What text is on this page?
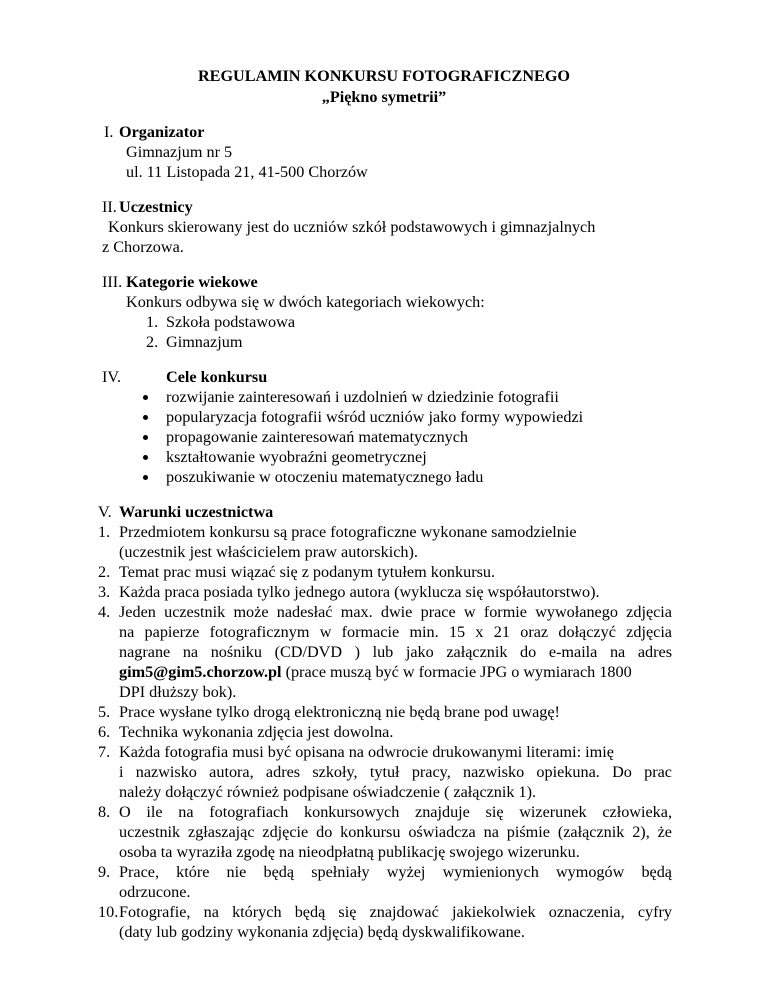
REGULAMIN KONKURSU FOTOGRAFICZNEGO
„Piękno symetrii”
I. Organizator
Gimnazjum nr 5
ul. 11 Listopada 21, 41-500 Chorzów
II. Uczestnicy
Konkurs skierowany jest do uczniów szkół podstawowych i gimnazjalnych
z Chorzowa.
III. Kategorie wiekowe
Konkurs odbywa się w dwóch kategoriach wiekowych:
1. Szkoła podstawowa
2. Gimnazjum
IV.	Cele konkursu
rozwijanie zainteresowań i uzdolnień w dziedzinie fotografii
popularyzacja fotografii wśród uczniów jako formy wypowiedzi
propagowanie zainteresowań matematycznych
kształtowanie wyobraźni geometrycznej
poszukiwanie w otoczeniu matematycznego ładu
V. Warunki uczestnictwa
1. Przedmiotem konkursu są prace fotograficzne wykonane samodzielnie
(uczestnik jest właścicielem praw autorskich).
2. Temat prac musi wiązać się z podanym tytułem konkursu.
3. Każda praca posiada tylko jednego autora (wyklucza się współautorstwo).
4. Jeden uczestnik może nadesłać max. dwie prace w formie wywołanego zdjęcia
na papierze fotograficznym w formacie min. 15 x 21 oraz dołączyć zdjęcia
nagrane na nośniku (CD/DVD ) lub jako załącznik do e-maila na adres
gim5@gim5.chorzow.pl (prace muszą być w formacie JPG o wymiarach 1800
DPI dłuższy bok).
5. Prace wysłane tylko drogą elektroniczną nie będą brane pod uwagę!
6. Technika wykonania zdjęcia jest dowolna.
7. Każda fotografia musi być opisana na odwrocie drukowanymi literami: imię
i nazwisko autora, adres szkoły, tytuł pracy, nazwisko opiekuna. Do prac
należy dołączyć również podpisane oświadczenie ( załącznik 1).
8. O ile na fotografiach konkursowych znajduje się wizerunek człowieka,
uczestnik zgłaszając zdjęcie do konkursu oświadcza na piśmie (załącznik 2), że
osoba ta wyraziła zgodę na nieodpłatną publikację swojego wizerunku.
9. Prace, które nie będą spełniały wyżej wymienionych wymogów będą
odrzucone.
10. Fotografie, na których będą się znajdować jakiekolwiek oznaczenia, cyfry
(daty lub godziny wykonania zdjęcia) będą dyskwalifikowane.
